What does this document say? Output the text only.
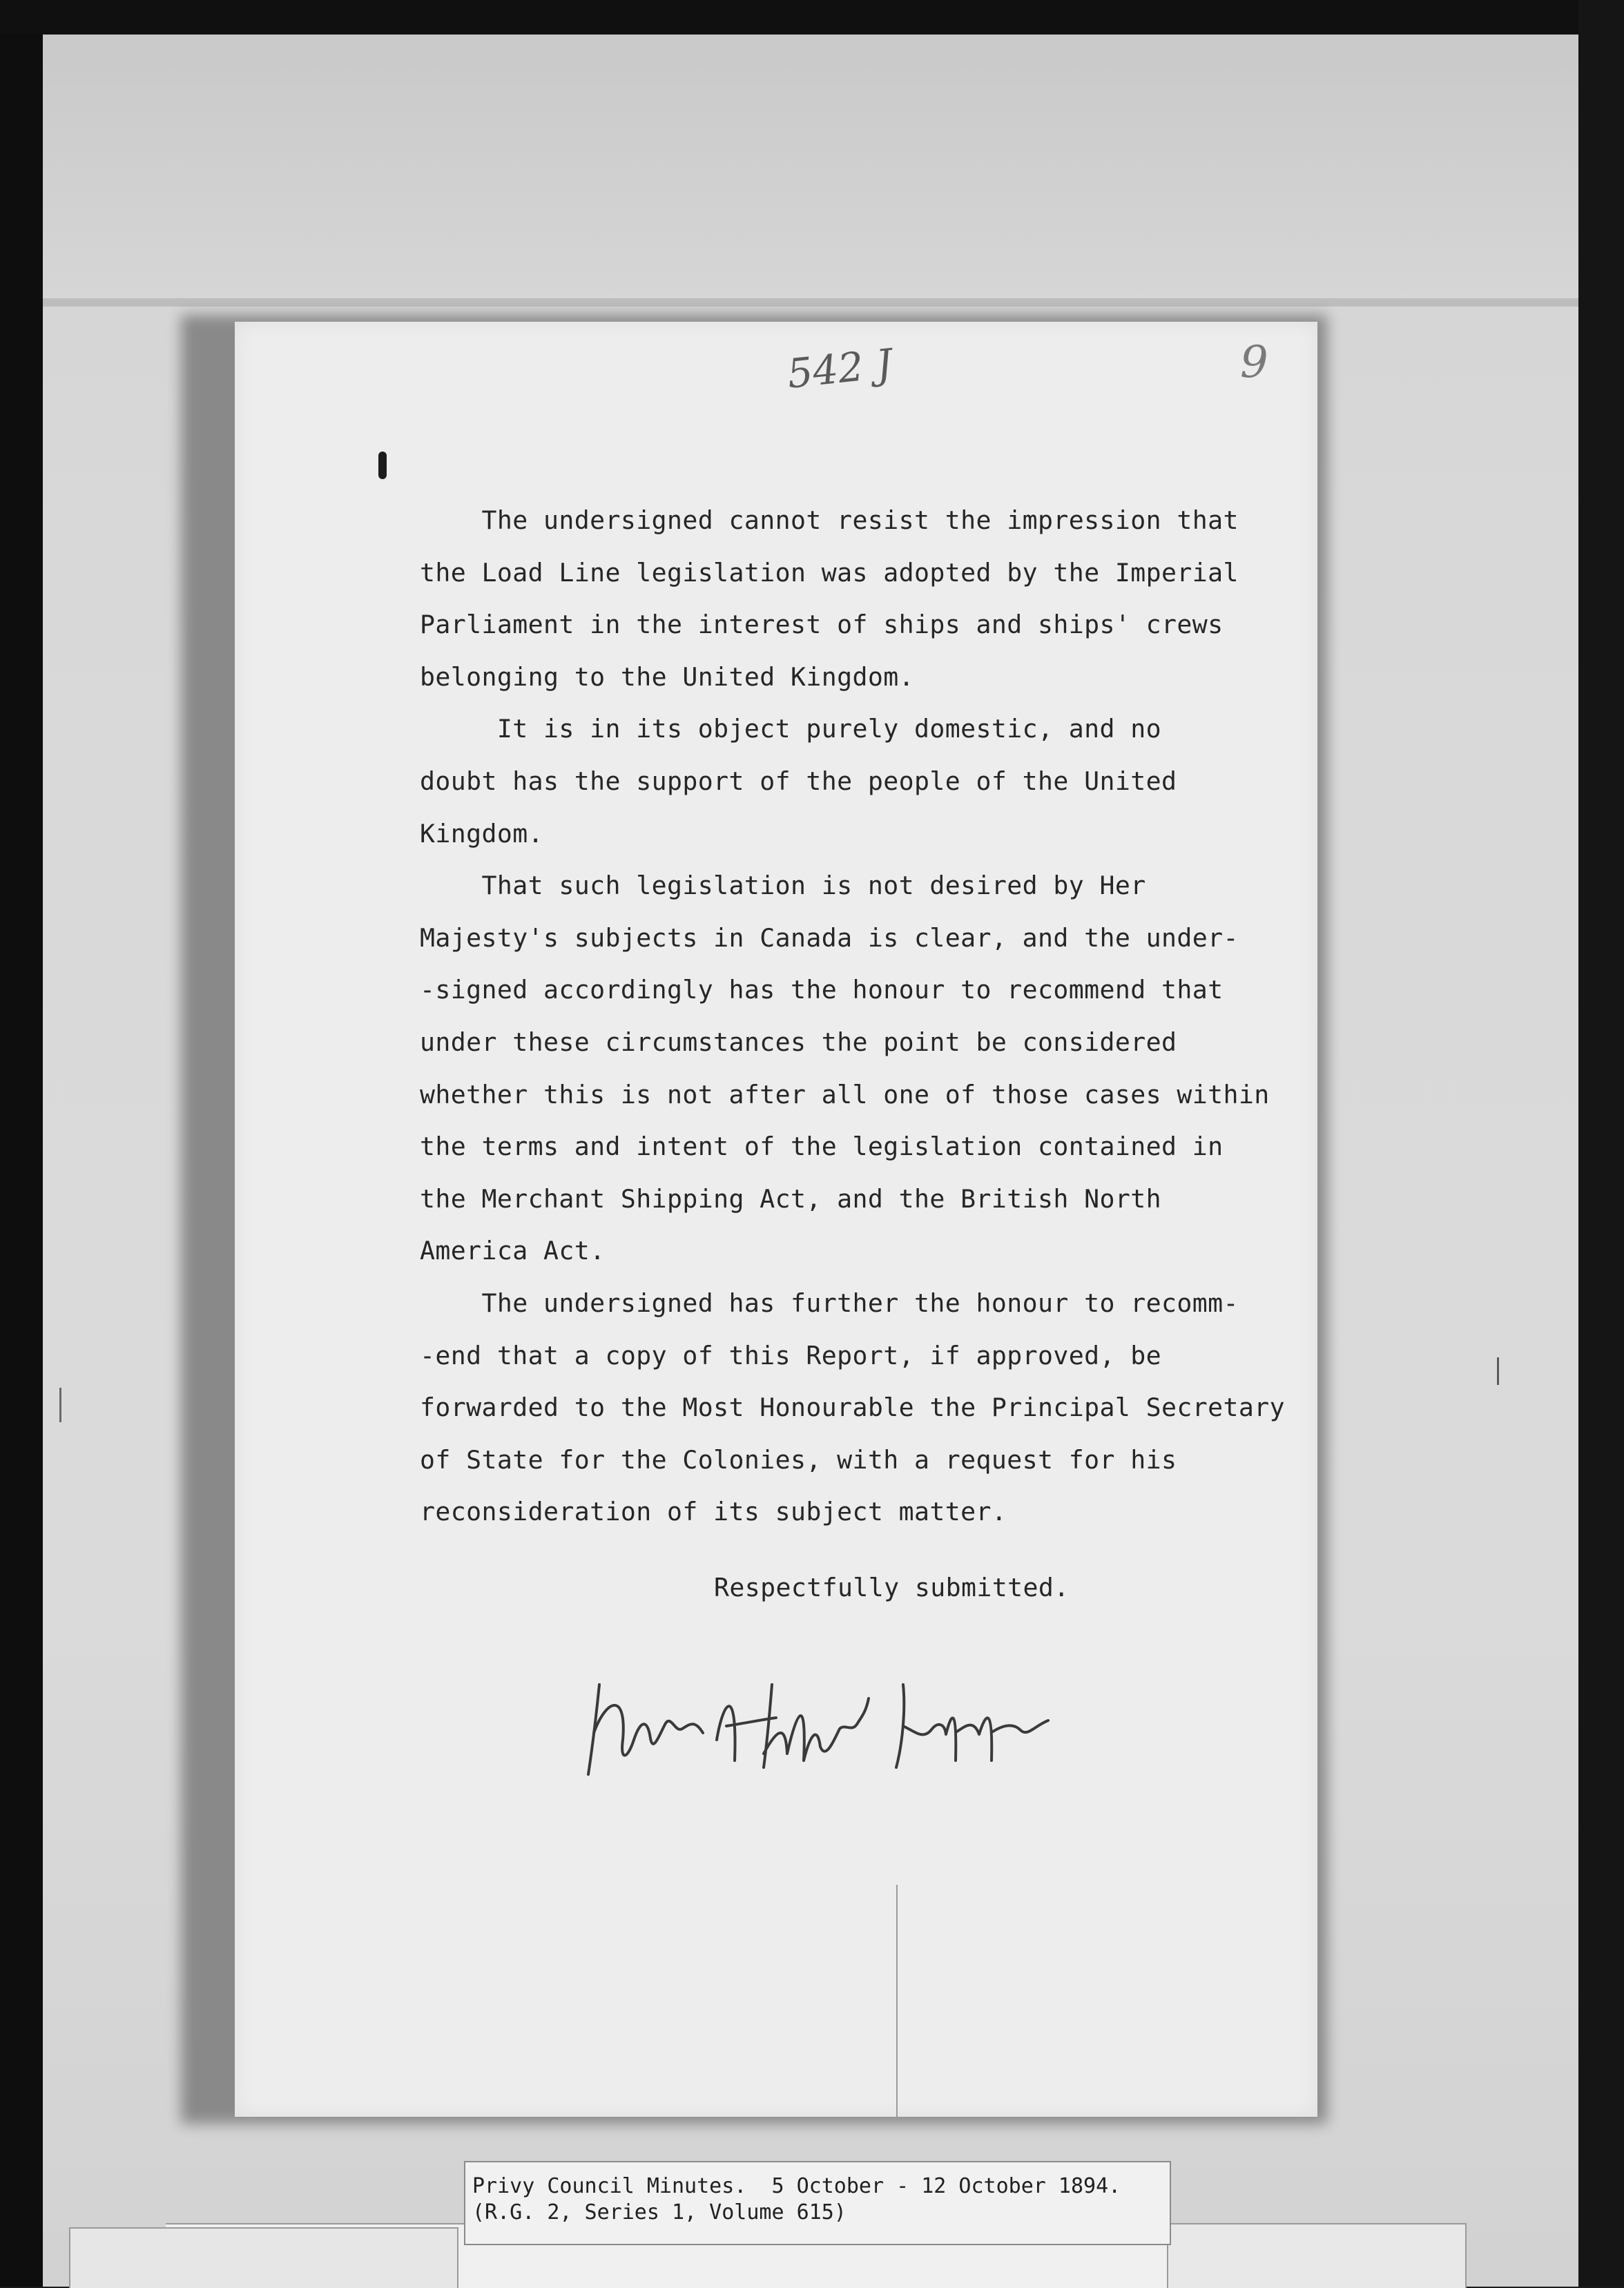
542 J	9
The undersigned cannot resist the impression that
the Load Line legislation was adopted by the Imperial
Parliament in the interest of ships and ships' crews
belonging to the United Kingdom.
It is in its object purely domestic, and no
doubt has the support of the people of the United
Kingdom.
That such legislation is not desired by Her
Majesty's subjects in Canada is clear, and the under-
-signed accordingly has the honour to recommend that
under these circumstances the point be considered
whether this is not after all one of those cases within
the terms and intent of the legislation contained in
the Merchant Shipping Act, and the British North
America Act.
The undersigned has further the honour to recomm-
-end that a copy of this Report, if approved, be
forwarded to the Most Honourable the Principal Secretary
of State for the Colonies, with a request for his
reconsideration of its subject matter.
Respectfully submitted.
Privy Council Minutes.  5 October - 12 October 1894.
(R.G. 2, Series 1, Volume 615)
